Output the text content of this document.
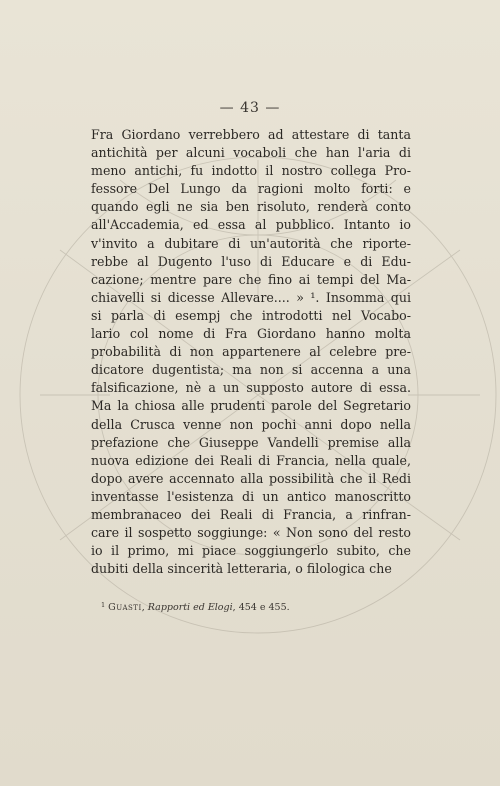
— 43 —
Fra Giordano verrebbero ad attestare di tanta
antichità per alcuni vocaboli che han l'aria di
meno antichi, fu indotto il nostro collega Pro-
fessore Del Lungo da ragioni molto forti: e
quando egli ne sia ben risoluto, renderà conto
all'Accademia, ed essa al pubblico. Intanto io
v'invito a dubitare di un'autorità che riporte-
rebbe al Dugento l'uso di Educare e di Edu-
cazione; mentre pare che fino ai tempi del Ma-
chiavelli si dicesse Allevare.... » ¹. Insomma qui
si parla di esempj che introdotti nel Vocabo-
lario col nome di Fra Giordano hanno molta
probabilità di non appartenere al celebre pre-
dicatore dugentista; ma non si accenna a una
falsificazione, nè a un supposto autore di essa.
Ma la chiosa alle prudenti parole del Segretario
della Crusca venne non pochi anni dopo nella
prefazione che Giuseppe Vandelli premise alla
nuova edizione dei Reali di Francia, nella quale,
dopo avere accennato alla possibilità che il Redi
inventasse l'esistenza di un antico manoscritto
membranaceo dei Reali di Francia, a rinfran-
care il sospetto soggiunge: « Non sono del resto
io il primo, mi piace soggiungerlo subito, che
dubiti della sincerità letteraria, o filologica che
$^1$ Guasti, Rapporti ed Elogi, 454 e 455.
